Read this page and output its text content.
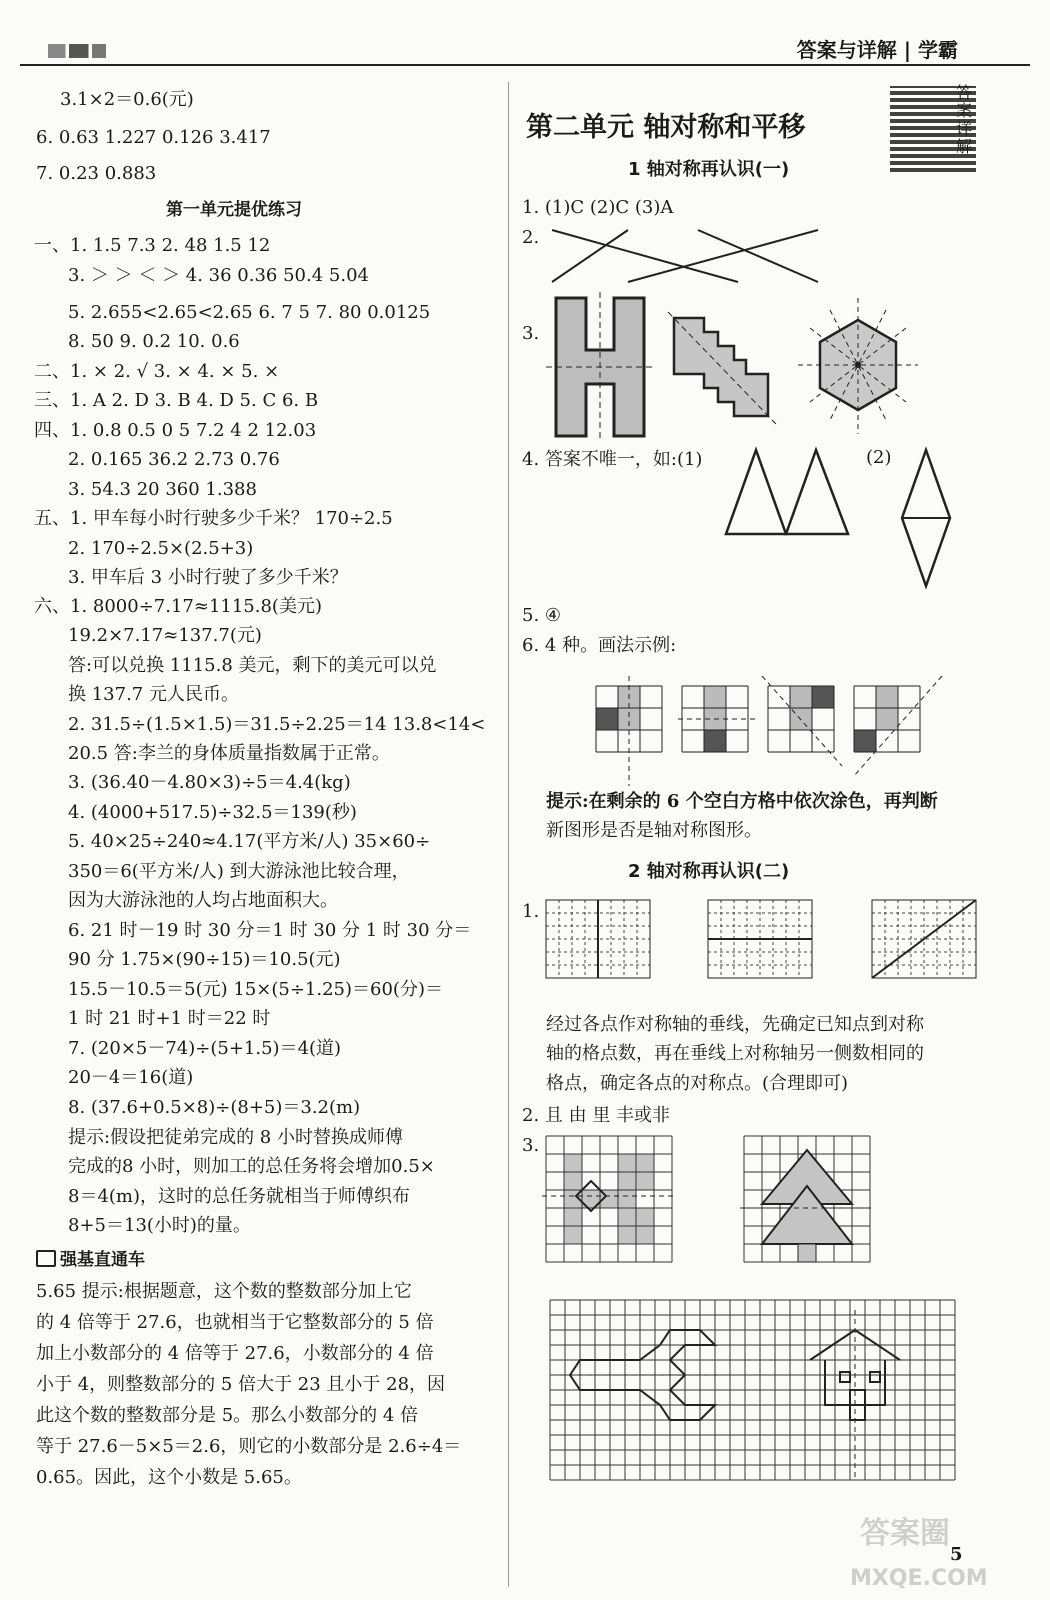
答案与详解 | 学霸
3.1×2＝0.6(元)
6. 0.63 1.227 0.126 3.417
7. 0.23 0.883
第一单元提优练习
一、1. 1.5 7.3 2. 48 1.5 12
3. ＞ ＞ ＜ ＞ 4. 36 0.36 50.4 5.04
5. 2.655<2.65<2.65 6. 7 5 7. 80 0.0125
8. 50 9. 0.2 10. 0.6
二、1. × 2. √ 3. × 4. × 5. ×
三、1. A 2. D 3. B 4. D 5. C 6. B
四、1. 0.8 0.5 0 5 7.2 4 2 12.03
2. 0.165 36.2 2.73 0.76
3. 54.3 20 360 1.388
五、1. 甲车每小时行驶多少千米？ 170÷2.5
2. 170÷2.5×(2.5+3)
3. 甲车后 3 小时行驶了多少千米？
六、1. 8000÷7.17≈1115.8(美元)
19.2×7.17≈137.7(元)
答:可以兑换 1115.8 美元，剩下的美元可以兑
换 137.7 元人民币。
2. 31.5÷(1.5×1.5)＝31.5÷2.25＝14 13.8<14<
20.5 答:李兰的身体质量指数属于正常。
3. (36.40－4.80×3)÷5＝4.4(kg)
4. (4000+517.5)÷32.5＝139(秒)
5. 40×25÷240≈4.17(平方米/人) 35×60÷
350＝6(平方米/人) 到大游泳池比较合理，
因为大游泳池的人均占地面积大。
6. 21 时－19 时 30 分＝1 时 30 分 1 时 30 分＝
90 分 1.75×(90÷15)＝10.5(元)
15.5－10.5＝5(元) 15×(5÷1.25)＝60(分)＝
1 时 21 时+1 时＝22 时
7. (20×5－74)÷(5+1.5)＝4(道)
20－4＝16(道)
8. (37.6+0.5×8)÷(8+5)＝3.2(m)
提示:假设把徒弟完成的 8 小时替换成师傅
完成的8 小时，则加工的总任务将会增加0.5×
8＝4(m)，这时的总任务就相当于师傅织布
8+5＝13(小时)的量。
强基直通车
5.65 提示:根据题意，这个数的整数部分加上它
的 4 倍等于 27.6，也就相当于它整数部分的 5 倍
加上小数部分的 4 倍等于 27.6，小数部分的 4 倍
小于 4，则整数部分的 5 倍大于 23 且小于 28，因
此这个数的整数部分是 5。那么小数部分的 4 倍
等于 27.6－5×5＝2.6，则它的小数部分是 2.6÷4＝
0.65。因此，这个小数是 5.65。
第二单元 轴对称和平移
答案详解
1 轴对称再认识(一)
1. (1)C (2)C (3)A
2.
3.
4. 答案不唯一，如:(1)	(2)
5. ④
6. 4 种。画法示例:
提示:在剩余的 6 个空白方格中依次涂色，再判断
新图形是否是轴对称图形。
2 轴对称再认识(二)
1.
经过各点作对称轴的垂线，先确定已知点到对称
轴的格点数，再在垂线上对称轴另一侧数相同的
格点，确定各点的对称点。(合理即可)
2. 且 由 里 丰或非
3.
答案圈
MXQE.COM
5
